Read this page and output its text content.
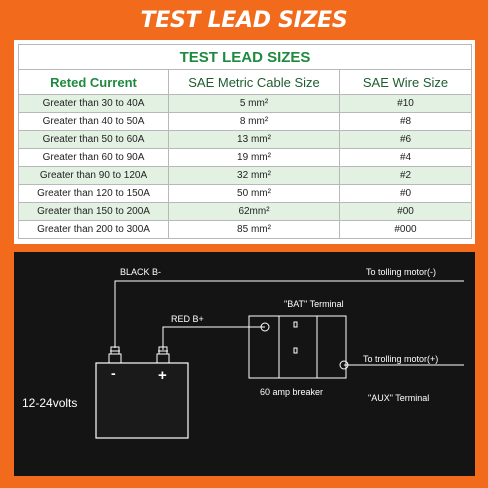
TEST LEAD SIZES
TEST LEAD SIZES		
Reted Current	SAE Metric Cable Size	SAE Wire Size
Greater than 30 to 40A	5 mm²	#10
Greater than 40 to 50A	8 mm²	#8
Greater than 50 to 60A	13 mm²	#6
Greater than 60 to 90A	19 mm²	#4
Greater than 90 to 120A	32 mm²	#2
Greater than 120 to 150A	50 mm²	#0
Greater than 150 to 200A	62mm²	#00
Greater than 200 to 300A	85 mm²	#000
-	+
BLACK B-	To tolling motor(-)
RED B+
"BAT" Terminal
To trolling motor(+)
60 amp breaker
"AUX" Terminal
12-24volts
